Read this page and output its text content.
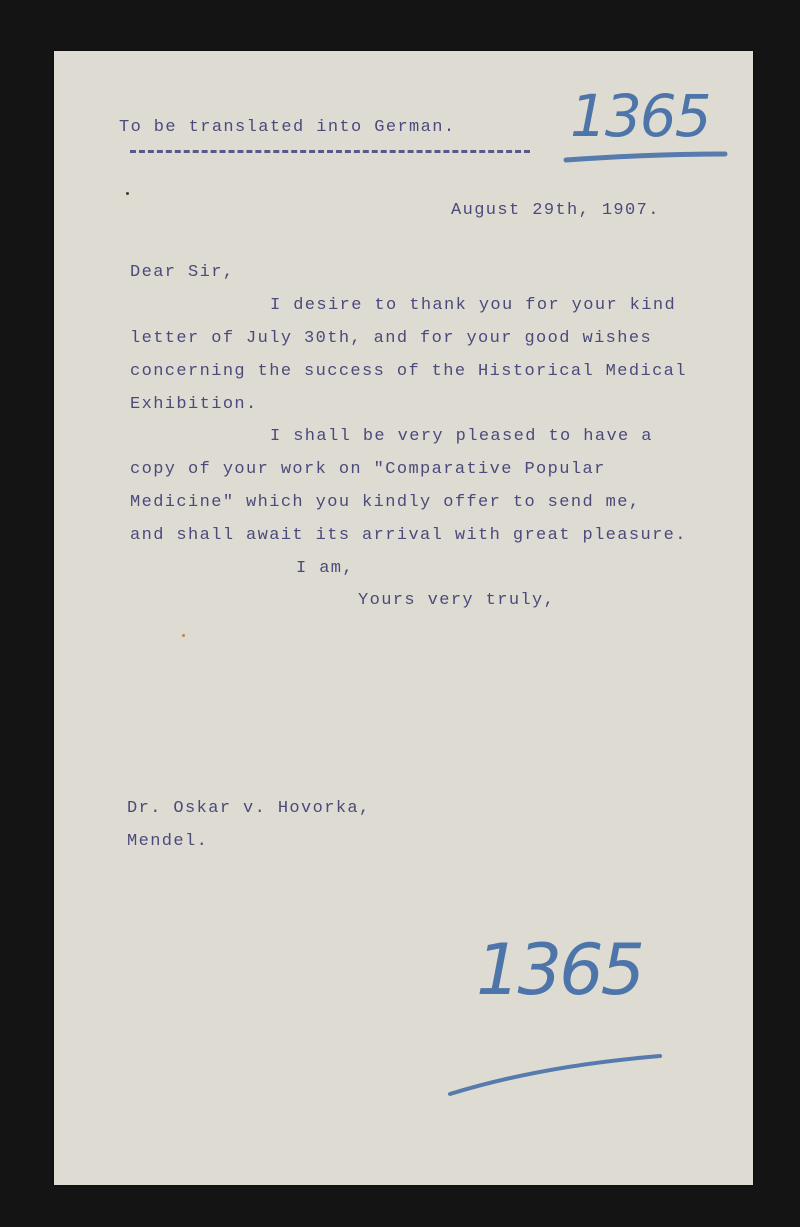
To be translated into German. 1365
August 29th, 1907.
Dear Sir,
I desire to thank you for your kind
letter of July 30th, and for your good wishes
concerning the success of the Historical Medical
Exhibition.
I shall be very pleased to have a
copy of your work on "Comparative Popular
Medicine" which you kindly offer to send me,
and shall await its arrival with great pleasure.
I am,
Yours very truly,
Dr. Oskar v. Hovorka,
Mendel.
1365
